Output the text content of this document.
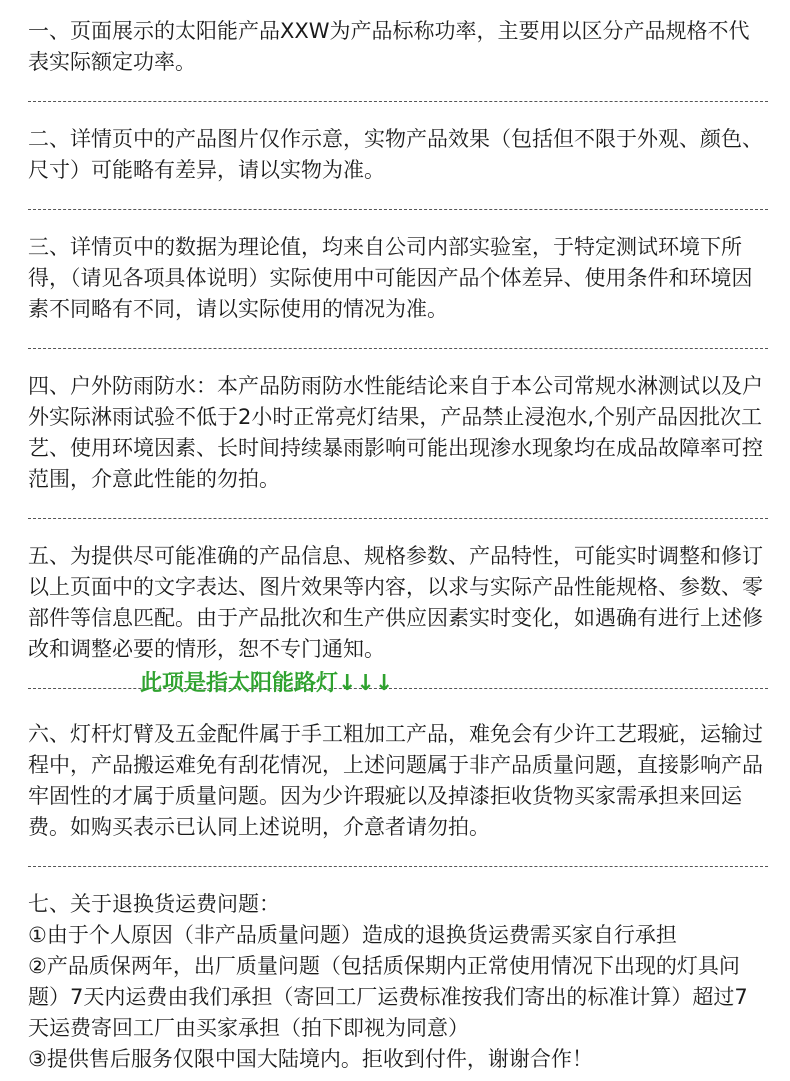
一、页面展示的太阳能产品XXW为产品标称功率，主要用以区分产品规格不代表实际额定功率。

二、详情页中的产品图片仅作示意，实物产品效果（包括但不限于外观、颜色、尺寸）可能略有差异，请以实物为准。

三、详情页中的数据为理论值，均来自公司内部实验室，于特定测试环境下所得，（请见各项具体说明）实际使用中可能因产品个体差异、使用条件和环境因素不同略有不同，请以实际使用的情况为准。

四、户外防雨防水：本产品防雨防水性能结论来自于本公司常规水淋测试以及户外实际淋雨试验不低于2小时正常亮灯结果，产品禁止浸泡水,个别产品因批次工艺、使用环境因素、长时间持续暴雨影响可能出现渗水现象均在成品故障率可控范围，介意此性能的勿拍。

五、为提供尽可能准确的产品信息、规格参数、产品特性，可能实时调整和修订以上页面中的文字表达、图片效果等内容，以求与实际产品性能规格、参数、零部件等信息匹配。由于产品批次和生产供应因素实时变化，如遇确有进行上述修改和调整必要的情形，恕不专门通知。

六、灯杆灯臂及五金配件属于手工粗加工产品，难免会有少许工艺瑕疵，运输过程中，产品搬运难免有刮花情况，上述问题属于非产品质量问题，直接影响产品牢固性的才属于质量问题。因为少许瑕疵以及掉漆拒收货物买家需承担来回运费。如购买表示已认同上述说明，介意者请勿拍。

七、关于退换货运费问题：

①由于个人原因（非产品质量问题）造成的退换货运费需买家自行承担

②产品质保两年，出厂质量问题（包括质保期内正常使用情况下出现的灯具问题）7天内运费由我们承担（寄回工厂运费标准按我们寄出的标准计算）超过7天运费寄回工厂由买家承担（拍下即视为同意）

③提供售后服务仅限中国大陆境内。拒收到付件，谢谢合作！

此项是指太阳能路灯↓↓↓
